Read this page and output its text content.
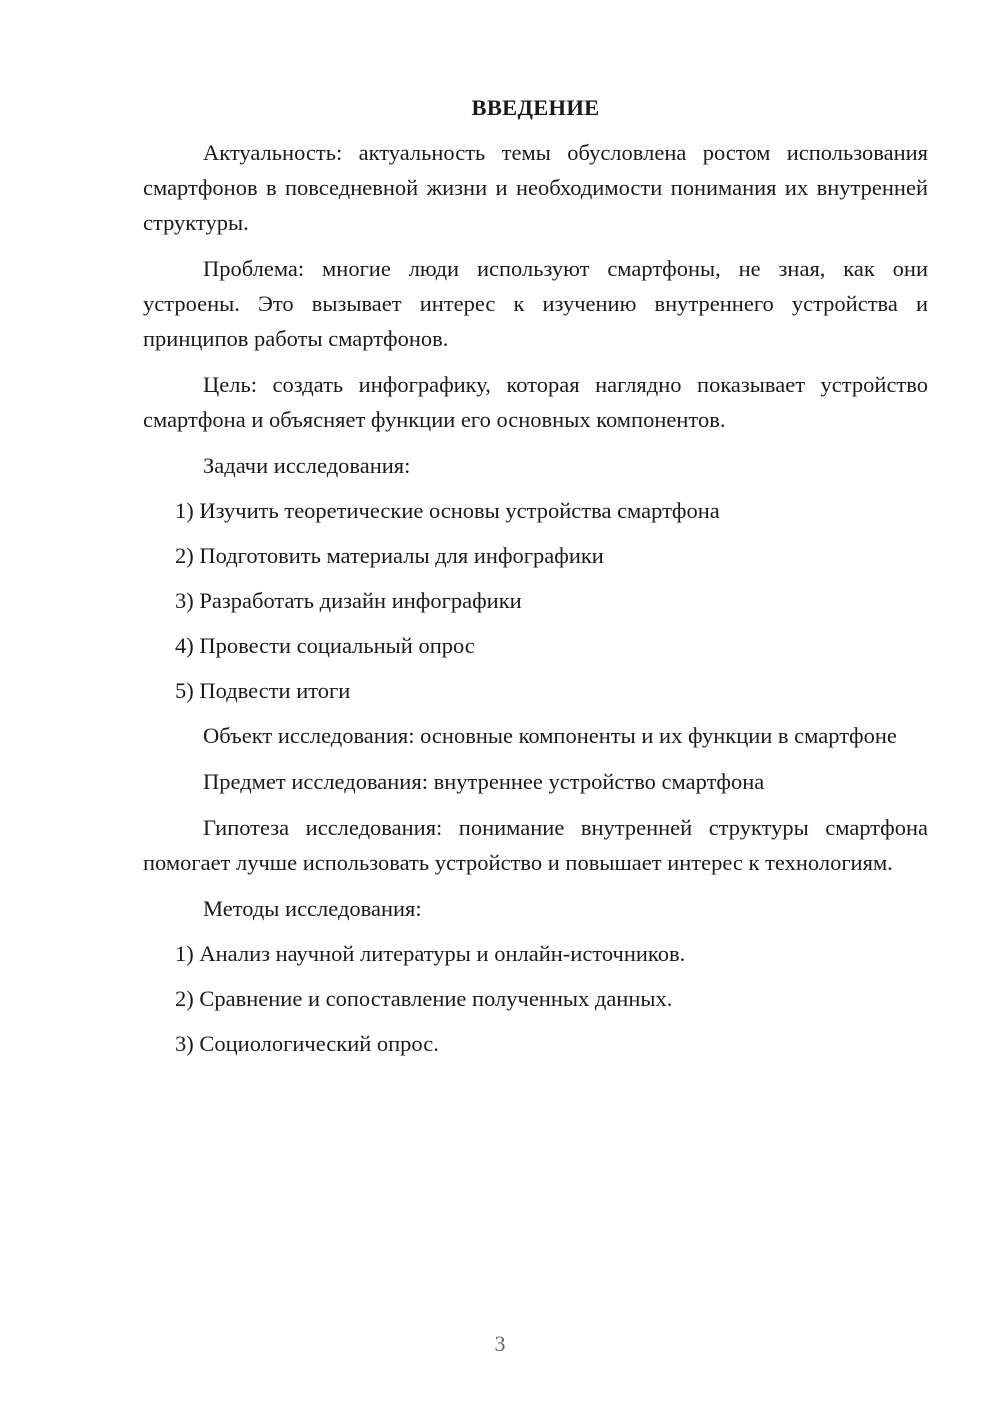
ВВЕДЕНИЕ

Актуальность: актуальность темы обусловлена ростом использования смартфонов в повседневной жизни и необходимости понимания их внутренней структуры.

Проблема: многие люди используют смартфоны, не зная, как они устроены. Это вызывает интерес к изучению внутреннего устройства и принципов работы смартфонов.

Цель: создать инфографику, которая наглядно показывает устройство смартфона и объясняет функции его основных компонентов.

Задачи исследования:

1) Изучить теоретические основы устройства смартфона
2) Подготовить материалы для инфографики
3) Разработать дизайн инфографики
4) Провести социальный опрос
5) Подвести итоги

Объект исследования: основные компоненты и их функции в смартфоне

Предмет исследования: внутреннее устройство смартфона

Гипотеза исследования: понимание внутренней структуры смартфона помогает лучше использовать устройство и повышает интерес к технологиям.

Методы исследования:

1) Анализ научной литературы и онлайн-источников.
2) Сравнение и сопоставление полученных данных.
3) Социологический опрос.
3
